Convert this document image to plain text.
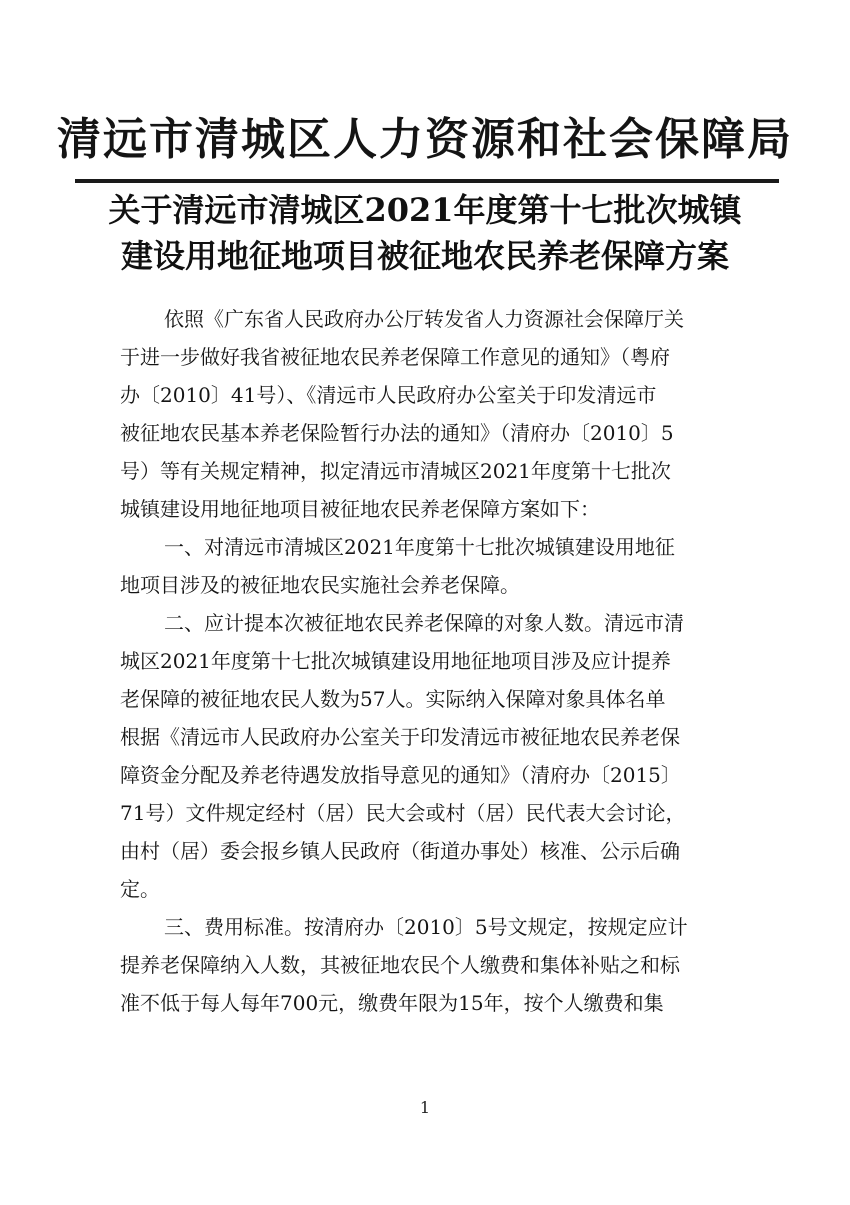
清远市清城区人力资源和社会保障局
关于清远市清城区2021年度第十七批次城镇
建设用地征地项目被征地农民养老保障方案
依照《广东省人民政府办公厅转发省人力资源社会保障厅关
于进一步做好我省被征地农民养老保障工作意见的通知》（粤府
办〔2010〕41号）、《清远市人民政府办公室关于印发清远市
被征地农民基本养老保险暂行办法的通知》（清府办〔2010〕5
号）等有关规定精神，拟定清远市清城区2021年度第十七批次
城镇建设用地征地项目被征地农民养老保障方案如下：
一、对清远市清城区2021年度第十七批次城镇建设用地征
地项目涉及的被征地农民实施社会养老保障。
二、应计提本次被征地农民养老保障的对象人数。清远市清
城区2021年度第十七批次城镇建设用地征地项目涉及应计提养
老保障的被征地农民人数为57人。实际纳入保障对象具体名单
根据《清远市人民政府办公室关于印发清远市被征地农民养老保
障资金分配及养老待遇发放指导意见的通知》（清府办〔2015〕
71号）文件规定经村（居）民大会或村（居）民代表大会讨论，
由村（居）委会报乡镇人民政府（街道办事处）核准、公示后确
定。
三、费用标准。按清府办〔2010〕5号文规定，按规定应计
提养老保障纳入人数，其被征地农民个人缴费和集体补贴之和标
准不低于每人每年700元，缴费年限为15年，按个人缴费和集
1
